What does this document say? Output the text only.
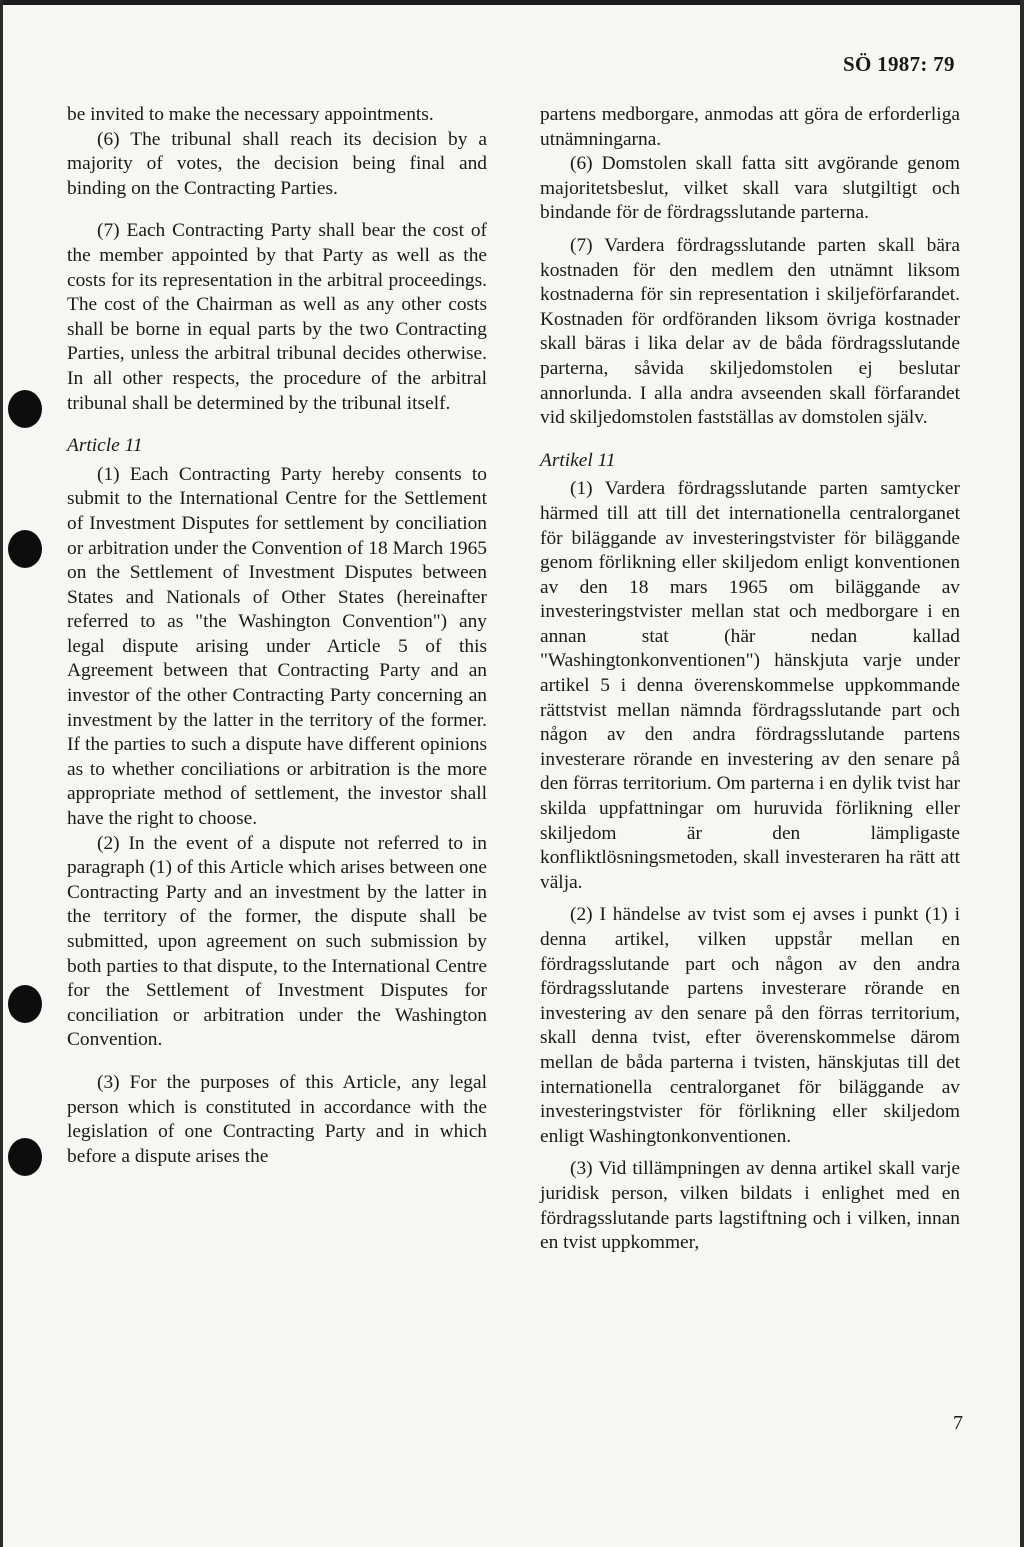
SÖ 1987: 79

be invited to make the necessary appointments.

(6) The tribunal shall reach its decision by a majority of votes, the decision being final and binding on the Contracting Parties.

(7) Each Contracting Party shall bear the cost of the member appointed by that Party as well as the costs for its representation in the arbitral proceedings. The cost of the Chairman as well as any other costs shall be borne in equal parts by the two Contracting Parties, unless the arbitral tribunal decides otherwise. In all other respects, the procedure of the arbitral tribunal shall be determined by the tribunal itself.

Article 11

(1) Each Contracting Party hereby consents to submit to the International Centre for the Settlement of Investment Disputes for settlement by conciliation or arbitration under the Convention of 18 March 1965 on the Settlement of Investment Disputes between States and Nationals of Other States (hereinafter referred to as "the Washington Convention") any legal dispute arising under Article 5 of this Agreement between that Contracting Party and an investor of the other Contracting Party concerning an investment by the latter in the territory of the former. If the parties to such a dispute have different opinions as to whether conciliations or arbitration is the more appropriate method of settlement, the investor shall have the right to choose.

(2) In the event of a dispute not referred to in paragraph (1) of this Article which arises between one Contracting Party and an investment by the latter in the territory of the former, the dispute shall be submitted, upon agreement on such submission by both parties to that dispute, to the International Centre for the Settlement of Investment Disputes for conciliation or arbitration under the Washington Convention.

(3) For the purposes of this Article, any legal person which is constituted in accordance with the legislation of one Contracting Party and in which before a dispute arises the

partens medborgare, anmodas att göra de erforderliga utnämningarna.

(6) Domstolen skall fatta sitt avgörande genom majoritetsbeslut, vilket skall vara slutgiltigt och bindande för de fördragsslutande parterna.

(7) Vardera fördragsslutande parten skall bära kostnaden för den medlem den utnämnt liksom kostnaderna för sin representation i skiljeförfarandet. Kostnaden för ordföranden liksom övriga kostnader skall bäras i lika delar av de båda fördragsslutande parterna, såvida skiljedomstolen ej beslutar annorlunda. I alla andra avseenden skall förfarandet vid skiljedomstolen fastställas av domstolen själv.

Artikel 11

(1) Vardera fördragsslutande parten samtycker härmed till att till det internationella centralorganet för biläggande av investeringstvister för biläggande genom förlikning eller skiljedom enligt konventionen av den 18 mars 1965 om biläggande av investeringstvister mellan stat och medborgare i en annan stat (här nedan kallad "Washingtonkonventionen") hänskjuta varje under artikel 5 i denna överenskommelse uppkommande rättstvist mellan nämnda fördragsslutande part och någon av den andra fördragsslutande partens investerare rörande en investering av den senare på den förras territorium. Om parterna i en dylik tvist har skilda uppfattningar om huruvida förlikning eller skiljedom är den lämpligaste konfliktlösningsmetoden, skall investeraren ha rätt att välja.

(2) I händelse av tvist som ej avses i punkt (1) i denna artikel, vilken uppstår mellan en fördragsslutande part och någon av den andra fördragsslutande partens investerare rörande en investering av den senare på den förras territorium, skall denna tvist, efter överenskommelse därom mellan de båda parterna i tvisten, hänskjutas till det internationella centralorganet för biläggande av investeringstvister för förlikning eller skiljedom enligt Washingtonkonventionen.

(3) Vid tillämpningen av denna artikel skall varje juridisk person, vilken bildats i enlighet med en fördragsslutande parts lagstiftning och i vilken, innan en tvist uppkommer,

7
